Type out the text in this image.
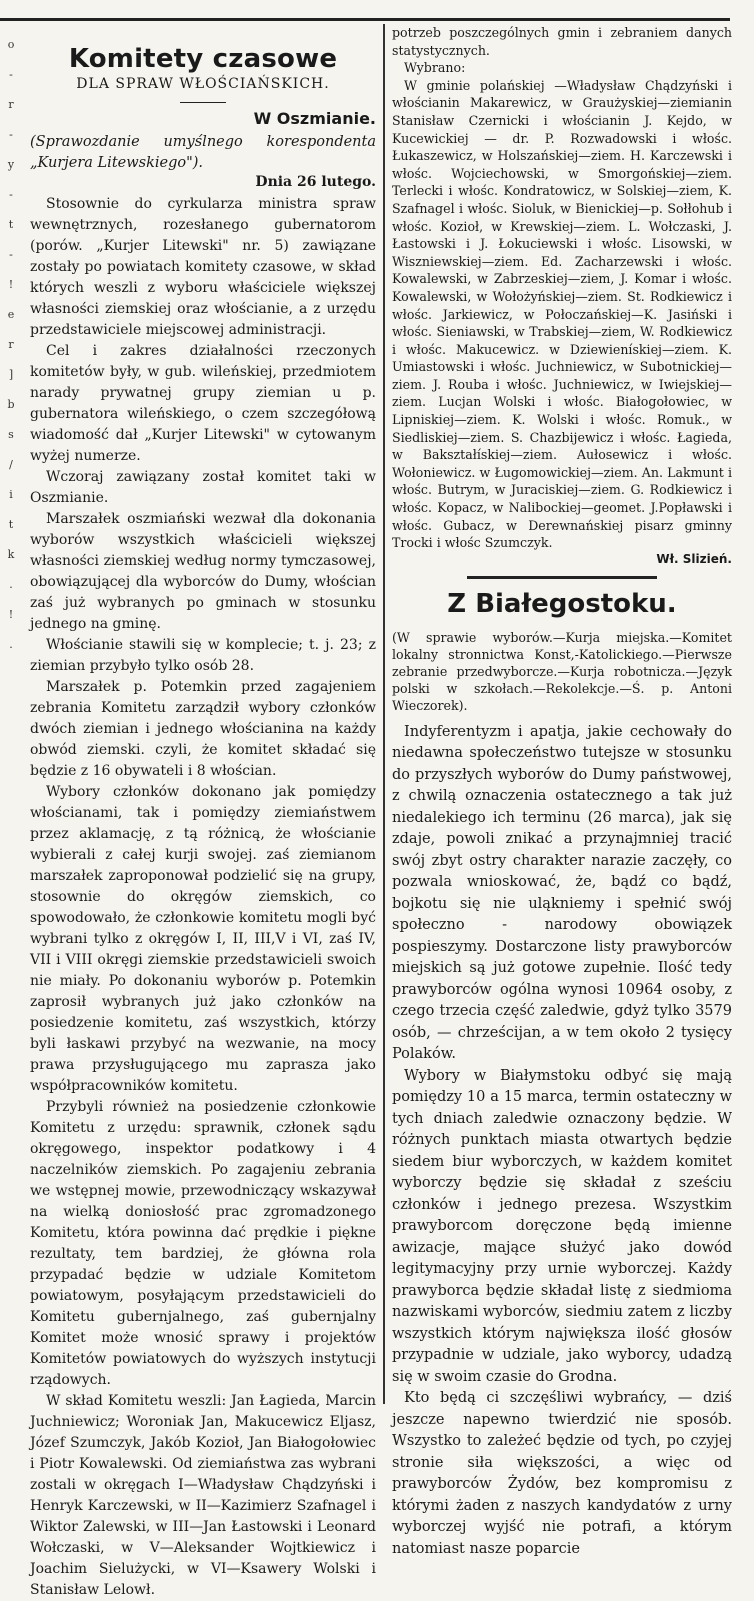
o
-
r
-
y
-
t
-
!
e
r
]
b
s
/
i
t
k
.
!
.
Komitety czasowe
DLA SPRAW WŁOŚCIAŃSKICH.
W Oszmianie.

(Sprawozdanie umyślnego korespondenta „Kurjera Litewskiego").

Dnia 26 lutego.

Stosownie do cyrkularza ministra spraw wewnętrznych, rozesłanego gubernatorom (porów. „Kurjer Litewski" nr. 5) zawiązane zostały po powiatach komitety czasowe, w skład których weszli z wyboru właściciele większej własności ziemskiej oraz włościanie, a z urzędu przedstawiciele miejscowej administracji.

Cel i zakres działalności rzeczonych komitetów były, w gub. wileńskiej, przedmiotem narady prywatnej grupy ziemian u p. gubernatora wileńskiego, o czem szczegółową wiadomość dał „Kurjer Litewski" w cytowanym wyżej numerze.

Wczoraj zawiązany został komitet taki w Oszmianie.

Marszałek oszmiański wezwał dla dokonania wyborów wszystkich właścicieli większej własności ziemskiej według normy tymczasowej, obowiązującej dla wyborców do Dumy, włościan zaś już wybranych po gminach w stosunku jednego na gminę.

Włościanie stawili się w komplecie; t. j. 23; z ziemian przybyło tylko osób 28.

Marszałek p. Potemkin przed zagajeniem zebrania Komitetu zarządził wybory członków dwóch ziemian i jednego włościanina na każdy obwód ziemski. czyli, że komitet składać się będzie z 16 obywateli i 8 włościan.

Wybory członków dokonano jak pomiędzy włościanami, tak i pomiędzy ziemiaństwem przez aklamację, z tą różnicą, że włościanie wybierali z całej kurji swojej. zaś ziemianom marszałek zaproponował podzielić się na grupy, stosownie do okręgów ziemskich, co spowodowało, że członkowie komitetu mogli być wybrani tylko z okręgów I, II, III,V i VI, zaś IV, VII i VIII okręgi ziemskie przedstawicieli swoich nie miały. Po dokonaniu wyborów p. Potemkin zaprosił wybranych już jako członków na posiedzenie komitetu, zaś wszystkich, którzy byli łaskawi przybyć na wezwanie, na mocy prawa przysługującego mu zaprasza jako współpracowników komitetu.

Przybyli również na posiedzenie członkowie Komitetu z urzędu: sprawnik, członek sądu okręgowego, inspektor podatkowy i 4 naczelników ziemskich. Po zagajeniu zebrania we wstępnej mowie, przewodniczący wskazywał na wielką doniosłość prac zgromadzonego Komitetu, która powinna dać prędkie i piękne rezultaty, tem bardziej, że główna rola przypadać będzie w udziale Komitetom powiatowym, posyłającym przedstawicieli do Komitetu gubernjalnego, zaś gubernjalny Komitet może wnosić sprawy i projektów Komitetów powiatowych do wyższych instytucji rządowych.

W skład Komitetu weszli: Jan Łagieda, Marcin Juchniewicz; Woroniak Jan, Makucewicz Eljasz, Józef Szumczyk, Jakób Kozioł, Jan Białogołowiec i Piotr Kowalewski. Od ziemiaństwa zas wybrani zostali w okręgach I—Władysław Chądzyński i Henryk Karczewski, w II—Kazimierz Szafnagel i Wiktor Zalewski, w III—Jan Łastowski i Leonard Wołczaski, w V—Aleksander Wojtkiewicz i Joachim Sielużycki, w VI—Ksawery Wolski i Stanisław Lelowł.

potrzeb poszczególnych gmin i zebraniem danych statystycznych.

Wybrano:

W gminie polańskiej —Władysław Chądzyński i włościanin Makarewicz, w Graużyskiej—ziemianin Stanisław Czernicki i włościanin J. Kejdo, w Kucewickiej — dr. P. Rozwadowski i włośc. Łukaszewicz, w Holszańskiej—ziem. H. Karczewski i włośc. Wojciechowski, w Smorgońskiej—ziem. Terlecki i włośc. Kondratowicz, w Solskiej—ziem, K. Szafnagel i włośc. Sioluk, w Bienickiej—p. Sołłohub i włośc. Kozioł, w Krewskiej—ziem. L. Wołczaski, J. Łastowski i J. Łokuciewski i włośc. Lisowski, w Wiszniewskiej—ziem. Ed. Zacharzewski i włośc. Kowalewski, w Zabrzeskiej—ziem, J. Komar i włośc. Kowalewski, w Wołożyńskiej—ziem. St. Rodkiewicz i włośc. Jarkiewicz, w Połoczańskiej—K. Jasiński i włośc. Sieniawski, w Trabskiej—ziem, W. Rodkiewicz i włośc. Makucewicz. w Dziewienískiej—ziem. K. Umiastowski i włośc. Juchniewicz, w Subotnickiej—ziem. J. Rouba i włośc. Juchniewicz, w Iwiejskiej—ziem. Lucjan Wolski i włośc. Białogołowiec, w Lipniskiej—ziem. K. Wolski i włośc. Romuk., w Siedliskiej—ziem. S. Chazbijewicz i włośc. Łagieda, w Bakształískiej—ziem. Aułosewicz i włośc. Wołoniewicz. w Ługomowickiej—ziem. An. Lakmunt i włośc. Butrym, w Juraciskiej—ziem. G. Rodkiewicz i włośc. Kopacz, w Nalibockiej—geomet. J.Popławski i włośc. Gubacz, w Derewnańskiej pisarz gminny Trocki i włośc Szumczyk.

Wł. Slizień.
Z Białegostoku.

(W sprawie wyborów.—Kurja miejska.—Komitet lokalny stronnictwa Konst,-Katolickiego.—Pierwsze zebranie przedwyborcze.—Kurja robotnicza.—Język polski w szkołach.—Rekolekcje.—Ś. p. Antoni Wieczorek).

Indyferentyzm i apatja, jakie cechowały do niedawna społeczeństwo tutejsze w stosunku do przyszłych wyborów do Dumy państwowej, z chwilą oznaczenia ostatecznego a tak już niedalekiego ich terminu (26 marca), jak się zdaje, powoli znikać a przynajmniej tracić swój zbyt ostry charakter narazie zaczęły, co pozwala wnioskować, że, bądź co bądź, bojkotu się nie uląkniemy i spełnić swój społeczno - narodowy obowiązek pospieszymy. Dostarczone listy prawyborców miejskich są już gotowe zupełnie. Ilość tedy prawyborców ogólna wynosi 10964 osoby, z czego trzecia część zaledwie, gdyż tylko 3579 osób, — chrześcijan, a w tem około 2 tysięcy Polaków.

Wybory w Białymstoku odbyć się mają pomiędzy 10 a 15 marca, termin ostateczny w tych dniach zaledwie oznaczony będzie. W różnych punktach miasta otwartych będzie siedem biur wyborczych, w każdem komitet wyborczy będzie się składał z sześciu członków i jednego prezesa. Wszystkim prawyborcom doręczone będą imienne awizacje, mające służyć jako dowód legitymacyjny przy urnie wyborczej. Każdy prawyborca będzie składał listę z siedmioma nazwiskami wyborców, siedmiu zatem z liczby wszystkich którym największa ilość głosów przypadnie w udziale, jako wyborcy, udadzą się w swoim czasie do Grodna.

Kto będą ci szczęśliwi wybrańcy, — dziś jeszcze napewno twierdzić nie sposób. Wszystko to zależeć będzie od tych, po czyjej stronie siła większości, a więc od prawyborców Żydów, bez kompromisu z którymi żaden z naszych kandydatów z urny wyborczej wyjść nie potrafi, a którym natomiast nasze poparcie
